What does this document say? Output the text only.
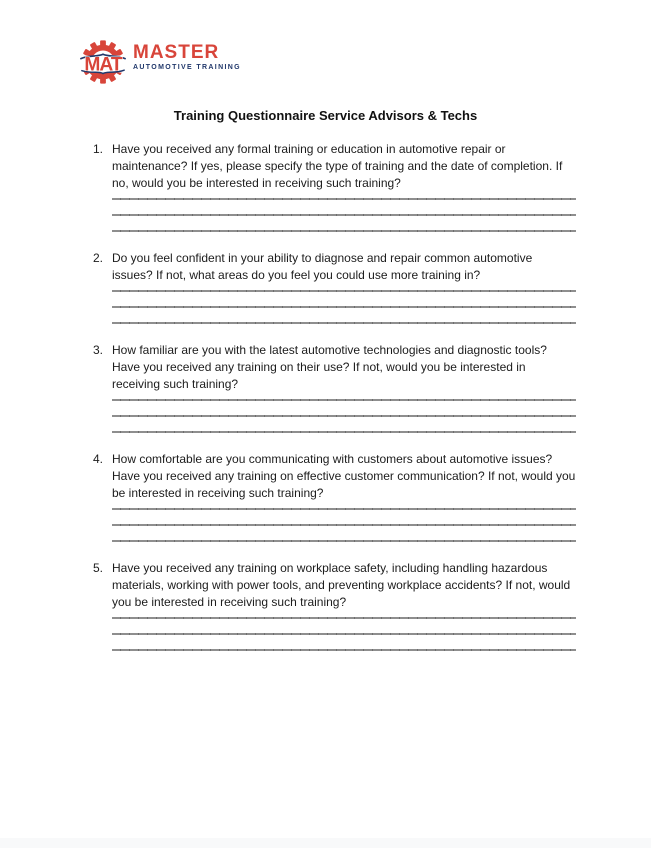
MAT
MASTER
AUTOMOTIVE TRAINING
Training Questionnaire Service Advisors & Techs
1. Have you received any formal training or education in automotive repair or maintenance? If yes, please specify the type of training and the date of completion. If no, would you be interested in receiving such training?

2. Do you feel confident in your ability to diagnose and repair common automotive issues? If not, what areas do you feel you could use more training in?

3. How familiar are you with the latest automotive technologies and diagnostic tools? Have you received any training on their use? If not, would you be interested in receiving such training?

4. How comfortable are you communicating with customers about automotive issues? Have you received any training on effective customer communication? If not, would you be interested in receiving such training?

5. Have you received any training on workplace safety, including handling hazardous materials, working with power tools, and preventing workplace accidents? If not, would you be interested in receiving such training?
